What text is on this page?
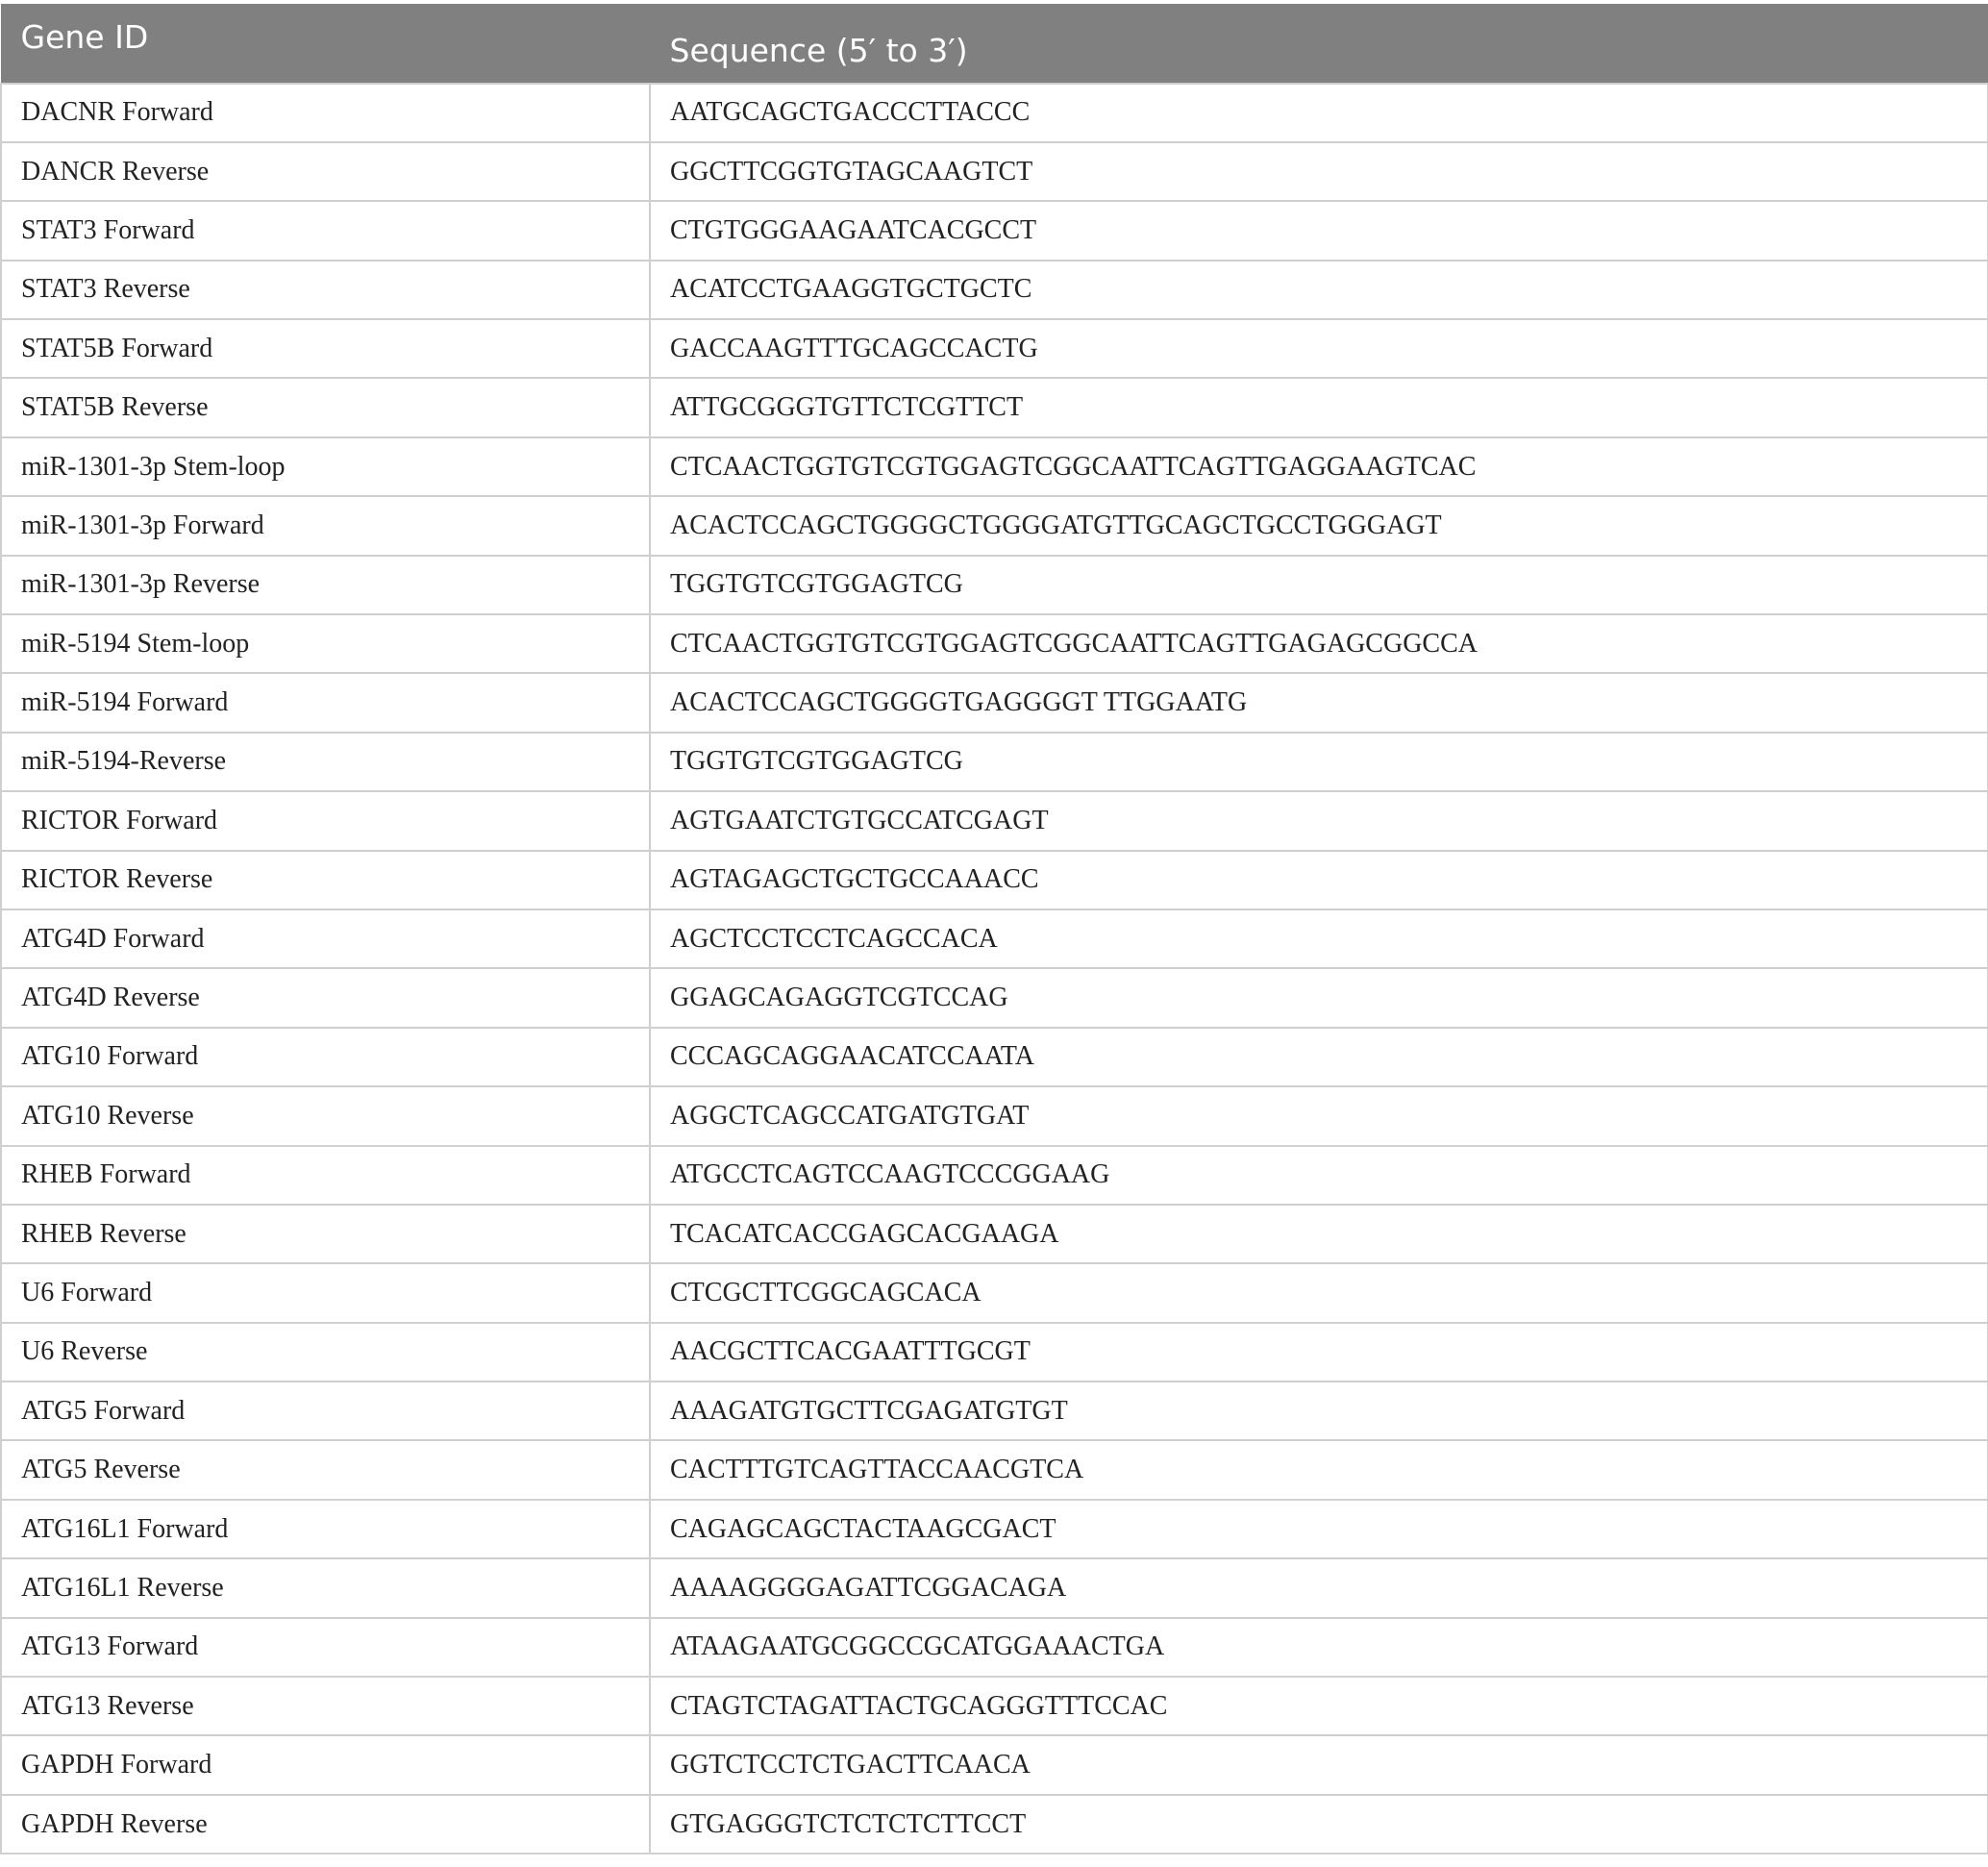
Gene ID	Sequence (5′ to 3′)
DACNR Forward	AATGCAGCTGACCCTTACCC
DANCR Reverse	GGCTTCGGTGTAGCAAGTCT
STAT3 Forward	CTGTGGGAAGAATCACGCCT
STAT3 Reverse	ACATCCTGAAGGTGCTGCTC
STAT5B Forward	GACCAAGTTTGCAGCCACTG
STAT5B Reverse	ATTGCGGGTGTTCTCGTTCT
miR-1301-3p Stem-loop	CTCAACTGGTGTCGTGGAGTCGGCAATTCAGTTGAGGAAGTCAC
miR-1301-3p Forward	ACACTCCAGCTGGGGCTGGGGATGTTGCAGCTGCCTGGGAGT
miR-1301-3p Reverse	TGGTGTCGTGGAGTCG
miR-5194 Stem-loop	CTCAACTGGTGTCGTGGAGTCGGCAATTCAGTTGAGAGCGGCCA
miR-5194 Forward	ACACTCCAGCTGGGGTGAGGGGT TTGGAATG
miR-5194-Reverse	TGGTGTCGTGGAGTCG
RICTOR Forward	AGTGAATCTGTGCCATCGAGT
RICTOR Reverse	AGTAGAGCTGCTGCCAAACC
ATG4D Forward	AGCTCCTCCTCAGCCACA
ATG4D Reverse	GGAGCAGAGGTCGTCCAG
ATG10 Forward	CCCAGCAGGAACATCCAATA
ATG10 Reverse	AGGCTCAGCCATGATGTGAT
RHEB Forward	ATGCCTCAGTCCAAGTCCCGGAAG
RHEB Reverse	TCACATCACCGAGCACGAAGA
U6 Forward	CTCGCTTCGGCAGCACA
U6 Reverse	AACGCTTCACGAATTTGCGT
ATG5 Forward	AAAGATGTGCTTCGAGATGTGT
ATG5 Reverse	CACTTTGTCAGTTACCAACGTCA
ATG16L1 Forward	CAGAGCAGCTACTAAGCGACT
ATG16L1 Reverse	AAAAGGGGAGATTCGGACAGA
ATG13 Forward	ATAAGAATGCGGCCGCATGGAAACTGA
ATG13 Reverse	CTAGTCTAGATTACTGCAGGGTTTCCAC
GAPDH Forward	GGTCTCCTCTGACTTCAACA
GAPDH Reverse	GTGAGGGTCTCTCTCTTCCT
